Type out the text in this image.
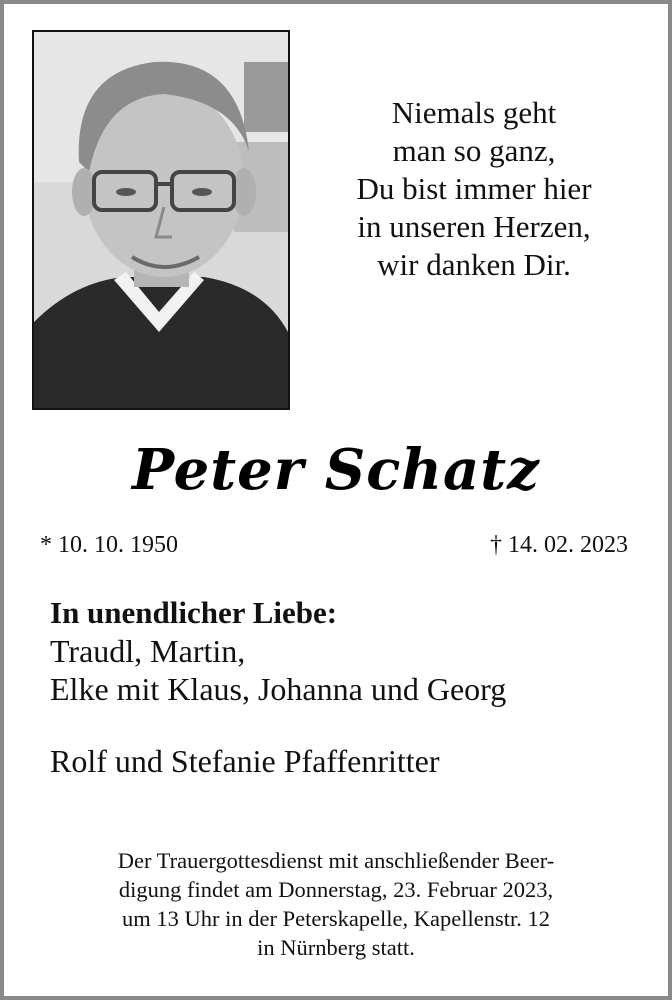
Niemals geht
man so ganz,
Du bist immer hier
in unseren Herzen,
wir danken Dir.
Peter Schatz
* 10. 10. 1950	† 14. 02. 2023
In unendlicher Liebe:
Traudl, Martin,
Elke mit Klaus, Johanna und Georg
Rolf und Stefanie Pfaffenritter
Der Trauergottesdienst mit anschließender Beer-
digung findet am Donnerstag, 23. Februar 2023,
um 13 Uhr in der Peterskapelle, Kapellenstr. 12
in Nürnberg statt.
